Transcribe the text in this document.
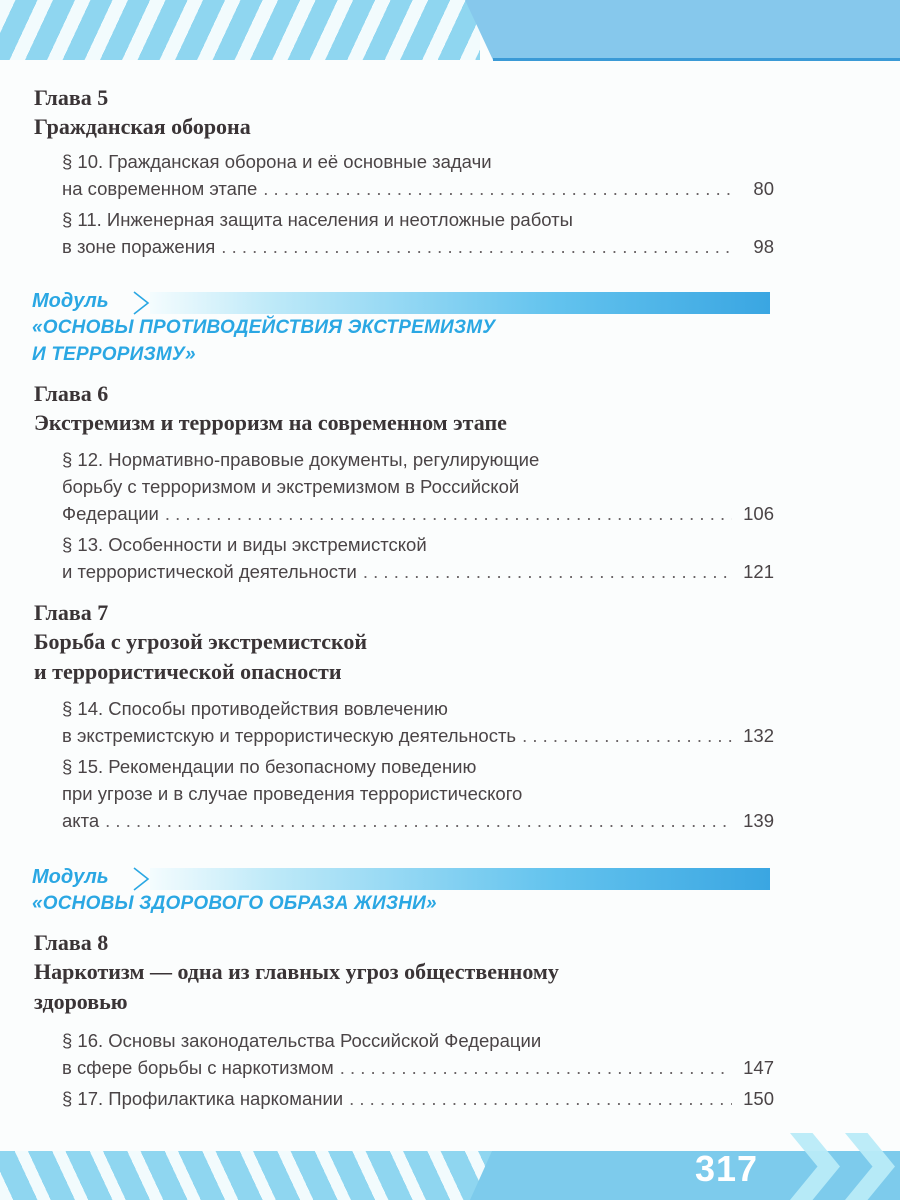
Глава 5
Гражданская оборона
§ 10. Гражданская оборона и её основные задачи
на современном этапе . . .	80
§ 11. Инженерная защита населения и неотложные работы
в зоне поражения . . .	98
Модуль
«ОСНОВЫ ПРОТИВОДЕЙСТВИЯ ЭКСТРЕМИЗМУ
И ТЕРРОРИЗМУ»
Глава 6
Экстремизм и терроризм на современном этапе
§ 12. Нормативно-правовые документы, регулирующие
борьбу с терроризмом и экстремизмом в Российской
Федерации . . .	106
§ 13. Особенности и виды экстремистской
и террористической деятельности . . .	121
Глава 7
Борьба с угрозой экстремистской
и террористической опасности
§ 14. Способы противодействия вовлечению
в экстремистскую и террористическую деятельность . . .	132
§ 15. Рекомендации по безопасному поведению
при угрозе и в случае проведения террористического
акта . . .	139
Модуль
«ОСНОВЫ ЗДОРОВОГО ОБРАЗА ЖИЗНИ»
Глава 8
Наркотизм — одна из главных угроз общественному
здоровью
§ 16. Основы законодательства Российской Федерации
в сфере борьбы с наркотизмом . . .	147
§ 17. Профилактика наркомании . . .	150
317
